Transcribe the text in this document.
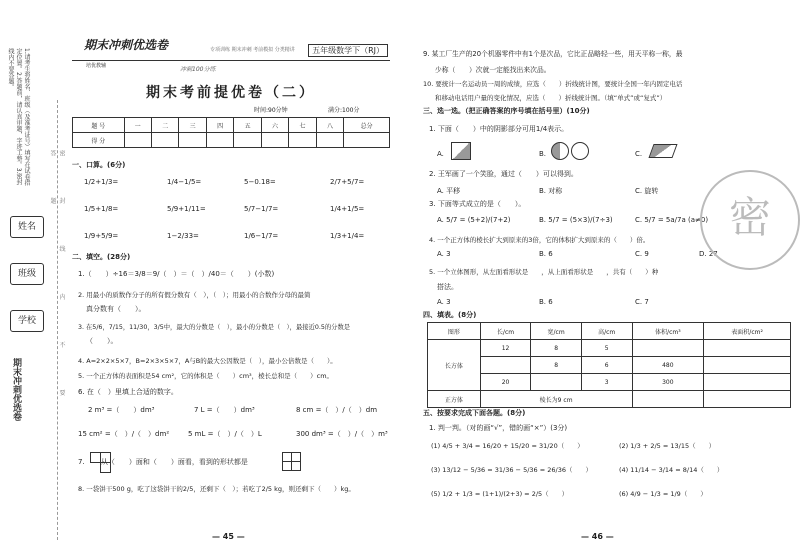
1.请考生将姓名、班级（及准考证号）填写在试卷指定位置。2.答题前，请认真审题，字迹工整。3.密封线内不要答题。
姓名
班级
学校
期末冲刺优选卷	密 封 线 内 不 要 答 题
期末冲刺优选卷	专项训练 期末冲刺 考前模拟 分类精讲	五年级数学下（RJ）
培优教辅	冲刺100分练
期末考前提优卷（二）
时间:90分钟	满分:100分
题 号	一	二	三	四	五	六	七	八	总分
得 分									
一、口算。(6分)
1/2+1/3=	1/4−1/5=	5−0.18=	2/7+5/7=
1/5+1/8=	5/9+1/11=	5/7−1/7=	1/4+1/5=
1/9+5/9=	1−2/33=	1/6−1/7=	1/3+1/4=
二、填空。(28分)
1.（　　）÷16＝3/8＝9/（　）＝（　）/40＝（　　）(小数)
2. 用最小的质数作分子的所有假分数有（　），（　）；用最小的合数作分母的最简
真分数有（　　）。
3. 在5/6，7/15，11/30，3/5中，最大的分数是（　），最小的分数是（　），最接近0.5的分数是
（　　）。
4. A=2×2×5×7，B=2×3×5×7，A与B的最大公因数是（　），最小公倍数是（　　）。
5. 一个正方体的表面积是54 cm²，它的体积是（　　）cm³，棱长总和是（　　）cm。
6. 在（　）里填上合适的数字。
2 m³ =（　　）dm³	7 L =（　　）dm³	8 cm =（　）/（　）dm
15 cm² =（　）/（　）dm²	5 mL =（　）/（　）L	300 dm³ =（　）/（　）m³
7. 　　从（　　）面和（　　）面看，看到的形状都是
8. 一袋饼干500 g，吃了这袋饼干的2/5，还剩下（　）；若吃了2/5 kg，则还剩下（　　）kg。
— 45 —
9. 某工厂生产的20个机器零件中有1个是次品，它比正品略轻一些，用天平称一称，最
少称（　　）次就一定能找出来次品。
10. 要统计一名运动员一周的成绩，应选（　　）折线统计图，要统计全国一年内固定电话
和移动电话用户量的变化情况，应选（　　）折线统计图。（填“单式”或“复式”）
三、选一选。（把正确答案的序号填在括号里）(10分)
1. 下面（　　）中的阴影部分可用1/4表示。
A.	B.	C.
2. 王军画了一个笑脸，通过（　　）可以得到。
A. 平移	B. 对称	C. 旋转
3. 下面等式成立的是（　　）。
A. 5/7 = (5+2)/(7+2)	B. 5/7 = (5×3)/(7÷3)	C. 5/7 = 5a/7a (a≠0)
4. 一个正方体的棱长扩大到原来的3倍，它的体积扩大到原来的（　　）倍。
A. 3	B. 6	C. 9	D. 27
5. 一个立体图形，从左面看形状是　　，从上面看形状是　　，共有（　　）种
搭法。
A. 3	B. 6	C. 7
四、填表。(8分)
图形	长/cm	宽/cm	高/cm	体积/cm³	表面积/cm²
长方体	12	8	5		
		8	6	480	
	20		3	300	
正方体	棱长为9 cm				
五、按要求完成下面各题。(8分)
1. 判一判。（对的画“√”，错的画“×”）(3分)
(1) 4/5 + 3/4 = 16/20 + 15/20 = 31/20（　　）	(2) 1/3 + 2/5 = 13/15（　　）
(3) 13/12 − 5/36 = 31/36 − 5/36 = 26/36（　　）	(4) 11/14 − 3/14 = 8/14（　　）
(5) 1/2 + 1/3 = (1+1)/(2+3) = 2/5（　　）	(6) 4/9 − 1/3 = 1/9（　　）
— 46 —
密
